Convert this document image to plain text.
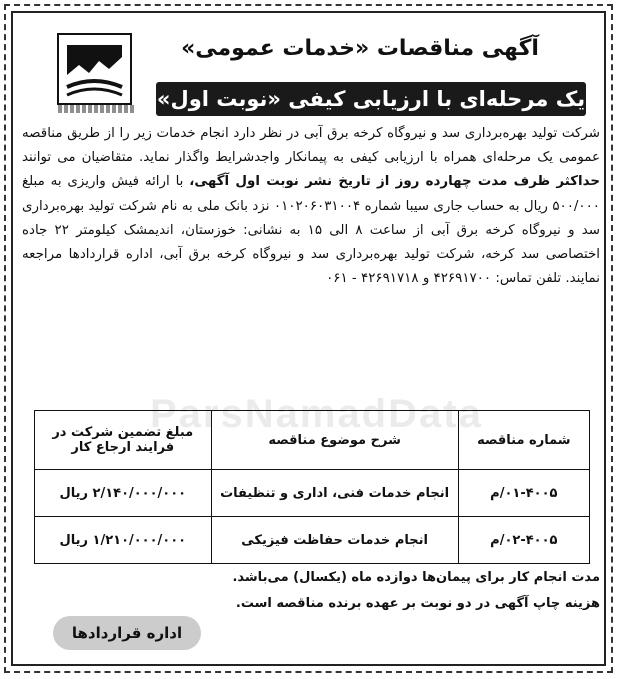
آگهی مناقصات «خدمات عمومی»
یک مرحله‌ای با ارزیابی کیفی «نوبت اول»
شرکت تولید بهره‌برداری سد و نیروگاه کرخه برق آبی در نظر دارد انجام خدمات زیر را از طریق مناقصه عمومی یک مرحله‌ای همراه با ارزیابی کیفی به پیمانکار واجدشرایط واگذار نماید. متقاضیان می توانند حداکثر ظرف مدت چهارده روز از تاریخ نشر نوبت اول آگهی، با ارائه فیش واریزی به مبلغ ۵۰۰/۰۰۰ ریال به حساب جاری سیبا شماره ۰۱۰۲۰۶۰۳۱۰۰۴ نزد بانک ملی به نام شرکت تولید بهره‌برداری سد و نیروگاه کرخه برق آبی از ساعت ۸ الی ۱۵ به نشانی: خوزستان، اندیمشک کیلومتر ۲۲ جاده اختصاصی سد کرخه، شرکت تولید بهره‌برداری سد و نیروگاه کرخه برق آبی، اداره قراردادها مراجعه نمایند. تلفن تماس: ۴۲۶۹۱۷۰۰ و ۴۲۶۹۱۷۱۸ - ۰۶۱
ParsNamadData
شماره مناقصه	شرح موضوع مناقصه	مبلغ تضمین شرکت در فرایند ارجاع کار
۰۱-۴۰۰۵/م	انجام خدمات فنی، اداری و تنظیفات	۲/۱۴۰/۰۰۰/۰۰۰ ریال
۰۲-۴۰۰۵/م	انجام خدمات حفاظت فیزیکی	۱/۲۱۰/۰۰۰/۰۰۰ ریال
مدت انجام کار برای پیمان‌ها دوازده ماه (یکسال) می‌باشد.
هزینه چاپ آگهی در دو نوبت بر عهده برنده مناقصه است.
اداره قراردادها
